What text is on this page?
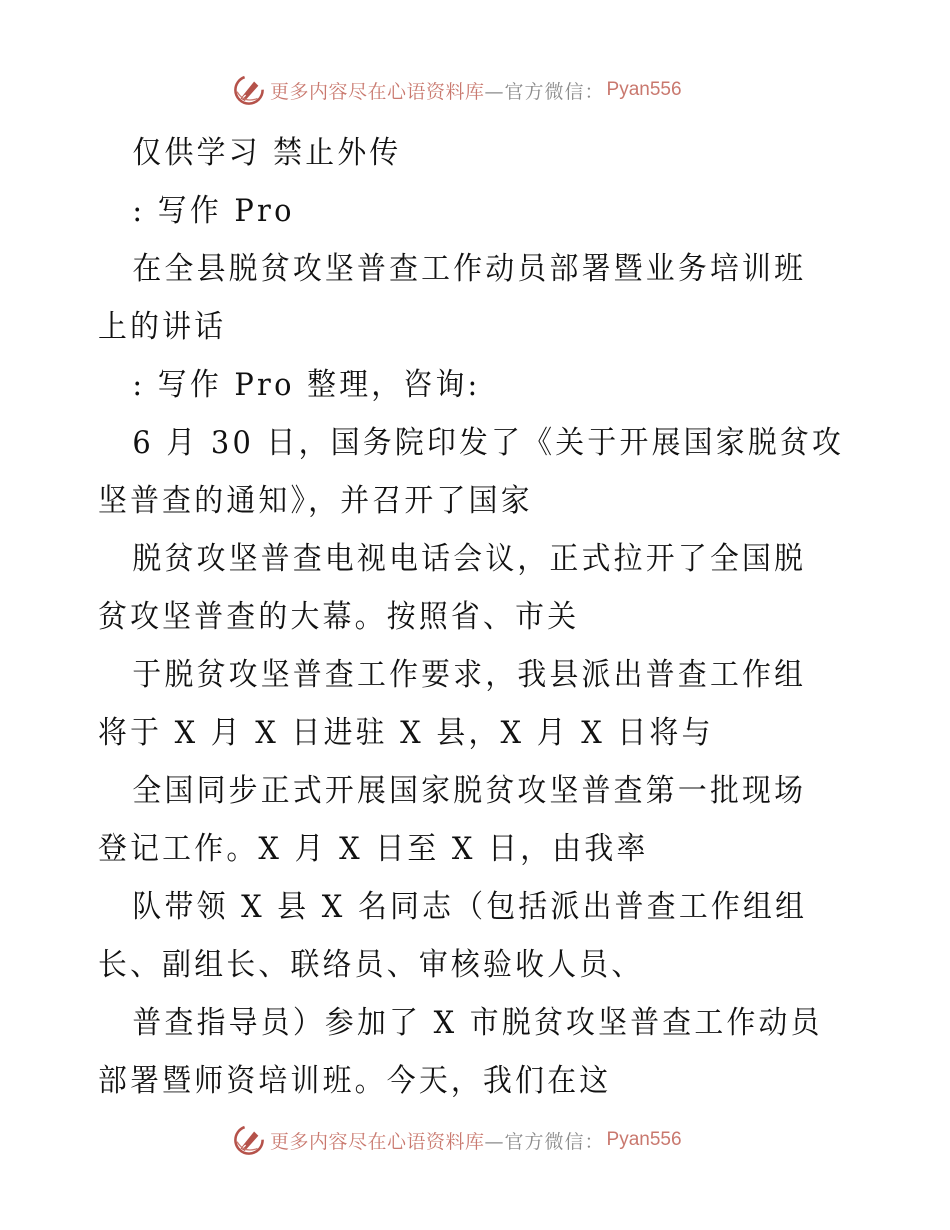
更多内容尽在心语资料库 —官方微信： Pyan556
仅供学习 禁止外传
: 写作 Pro
在全县脱贫攻坚普查工作动员部署暨业务培训班
上的讲话
: 写作 Pro 整理，咨询:
6 月 30 日，国务院印发了《关于开展国家脱贫攻
坚普查的通知》，并召开了国家
脱贫攻坚普查电视电话会议，正式拉开了全国脱
贫攻坚普查的大幕。按照省、市关
于脱贫攻坚普查工作要求，我县派出普查工作组
将于 X 月 X 日进驻 X 县，X 月 X 日将与
全国同步正式开展国家脱贫攻坚普查第一批现场
登记工作。X 月 X 日至 X 日，由我率
队带领 X 县 X 名同志（包括派出普查工作组组
长、副组长、联络员、审核验收人员、
普查指导员）参加了 X 市脱贫攻坚普查工作动员
部署暨师资培训班。今天，我们在这
更多内容尽在心语资料库 —官方微信： Pyan556
